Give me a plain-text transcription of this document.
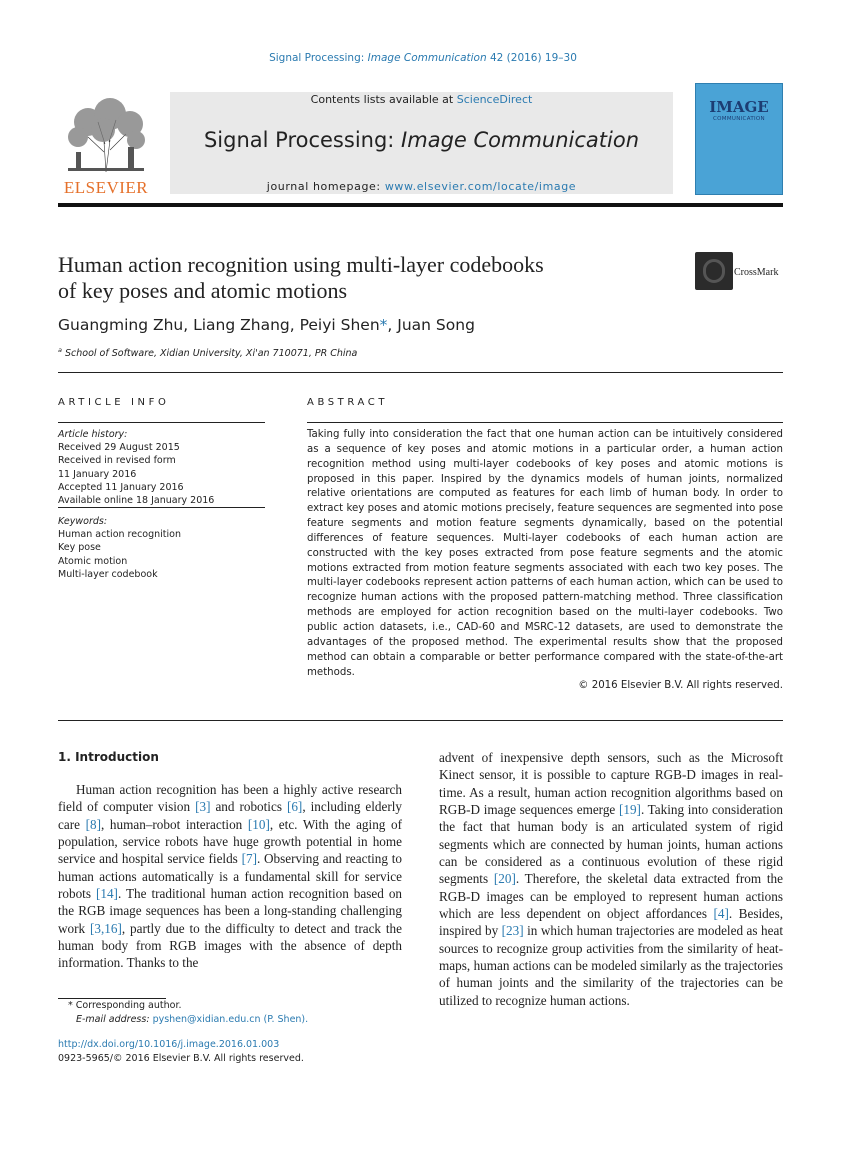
Signal Processing: Image Communication 42 (2016) 19–30
ELSEVIER
Contents lists available at ScienceDirect
Signal Processing: Image Communication
journal homepage: www.elsevier.com/locate/image
IMAGE
COMMUNICATION
Human action recognition using multi-layer codebooks
of key poses and atomic motions
CrossMark
Guangming Zhu, Liang Zhang, Peiyi Shen*, Juan Song
$^a$ School of Software, Xidian University, Xi'an 710071, PR China
ARTICLE INFO
Article history:
Received 29 August 2015
Received in revised form
11 January 2016
Accepted 11 January 2016
Available online 18 January 2016
Keywords:
Human action recognition
Key pose
Atomic motion
Multi-layer codebook
ABSTRACT
Taking fully into consideration the fact that one human action can be intuitively considered as a sequence of key poses and atomic motions in a particular order, a human action recognition method using multi-layer codebooks of key poses and atomic motions is proposed in this paper. Inspired by the dynamics models of human joints, normalized relative orientations are computed as features for each limb of human body. In order to extract key poses and atomic motions precisely, feature sequences are segmented into pose feature segments and motion feature segments dynamically, based on the potential differences of feature sequences. Multi-layer codebooks of each human action are constructed with the key poses extracted from pose feature segments and the atomic motions extracted from motion feature segments associated with each two key poses. The multi-layer codebooks represent action patterns of each human action, which can be used to recognize human actions with the proposed pattern-matching method. Three classification methods are employed for action recognition based on the multi-layer codebooks. Two public action datasets, i.e., CAD-60 and MSRC-12 datasets, are used to demonstrate the advantages of the proposed method. The experimental results show that the proposed method can obtain a comparable or better performance compared with the state-of-the-art methods.
© 2016 Elsevier B.V. All rights reserved.
1. Introduction
Human action recognition has been a highly active research field of computer vision [3] and robotics [6], including elderly care [8], human–robot interaction [10], etc. With the aging of population, service robots have huge growth potential in home service and hospital service fields [7]. Observing and reacting to human actions automatically is a fundamental skill for service robots [14]. The traditional human action recognition based on the RGB image sequences has been a long-standing challenging work [3,16], partly due to the difficulty to detect and track the human body from RGB images with the absence of depth information. Thanks to the
advent of inexpensive depth sensors, such as the Microsoft Kinect sensor, it is possible to capture RGB-D images in real-time. As a result, human action recognition algorithms based on RGB-D image sequences emerge [19]. Taking into consideration the fact that human body is an articulated system of rigid segments which are connected by human joints, human actions can be considered as a continuous evolution of these rigid segments [20]. Therefore, the skeletal data extracted from the RGB-D images can be employed to represent human actions which are less dependent on object affordances [4]. Besides, inspired by [23] in which human trajectories are modeled as heat sources to recognize group activities from the similarity of heat-maps, human actions can be modeled similarly as the trajectories of human joints and the similarity of the trajectories can be utilized to recognize human actions.
* Corresponding author.
E-mail address: pyshen@xidian.edu.cn (P. Shen).
http://dx.doi.org/10.1016/j.image.2016.01.003
0923-5965/© 2016 Elsevier B.V. All rights reserved.
